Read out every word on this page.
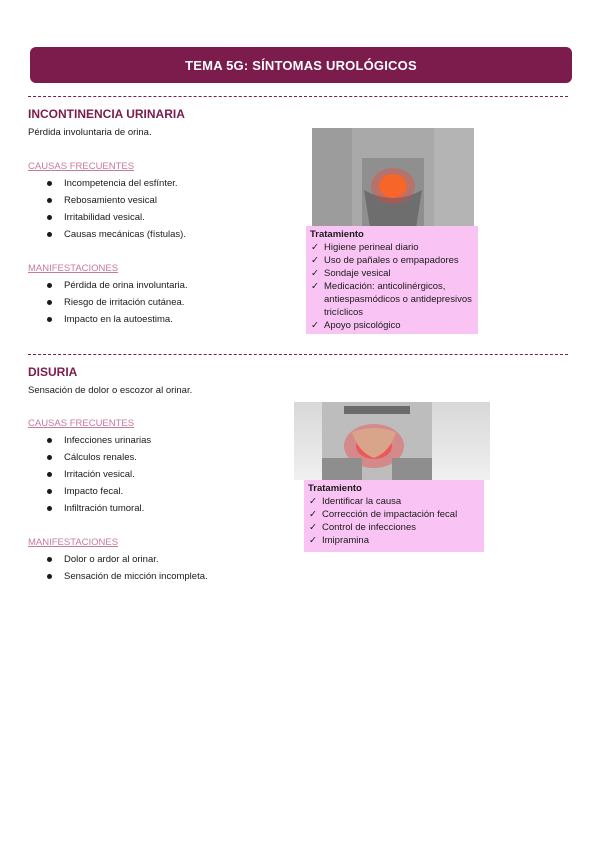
TEMA 5G: SÍNTOMAS UROLÓGICOS
INCONTINENCIA URINARIA
Pérdida involuntaria de orina.
CAUSAS FRECUENTES
Incompetencia del esfínter.
Rebosamiento vesical
Irritabilidad vesical.
Causas mecánicas (fístulas).
MANIFESTACIONES
Pérdida de orina involuntaria.
Riesgo de irritación cutánea.
Impacto en la autoestima.
Tratamiento
✓ Higiene perineal diario
✓ Uso de pañales o empapadores
✓ Sondaje vesical
✓ Medicación: anticolinérgicos, antiespasmódicos o antidepresivos tricíclicos
✓ Apoyo psicológico
DISURIA
Sensación de dolor o escozor al orinar.
CAUSAS FRECUENTES
Infecciones urinarias
Cálculos renales.
Irritación vesical.
Impacto fecal.
Infiltración tumoral.
MANIFESTACIONES
Dolor o ardor al orinar.
Sensación de micción incompleta.
Tratamiento
✓ Identificar la causa
✓ Corrección de impactación fecal
✓ Control de infecciones
✓ Imipramina
